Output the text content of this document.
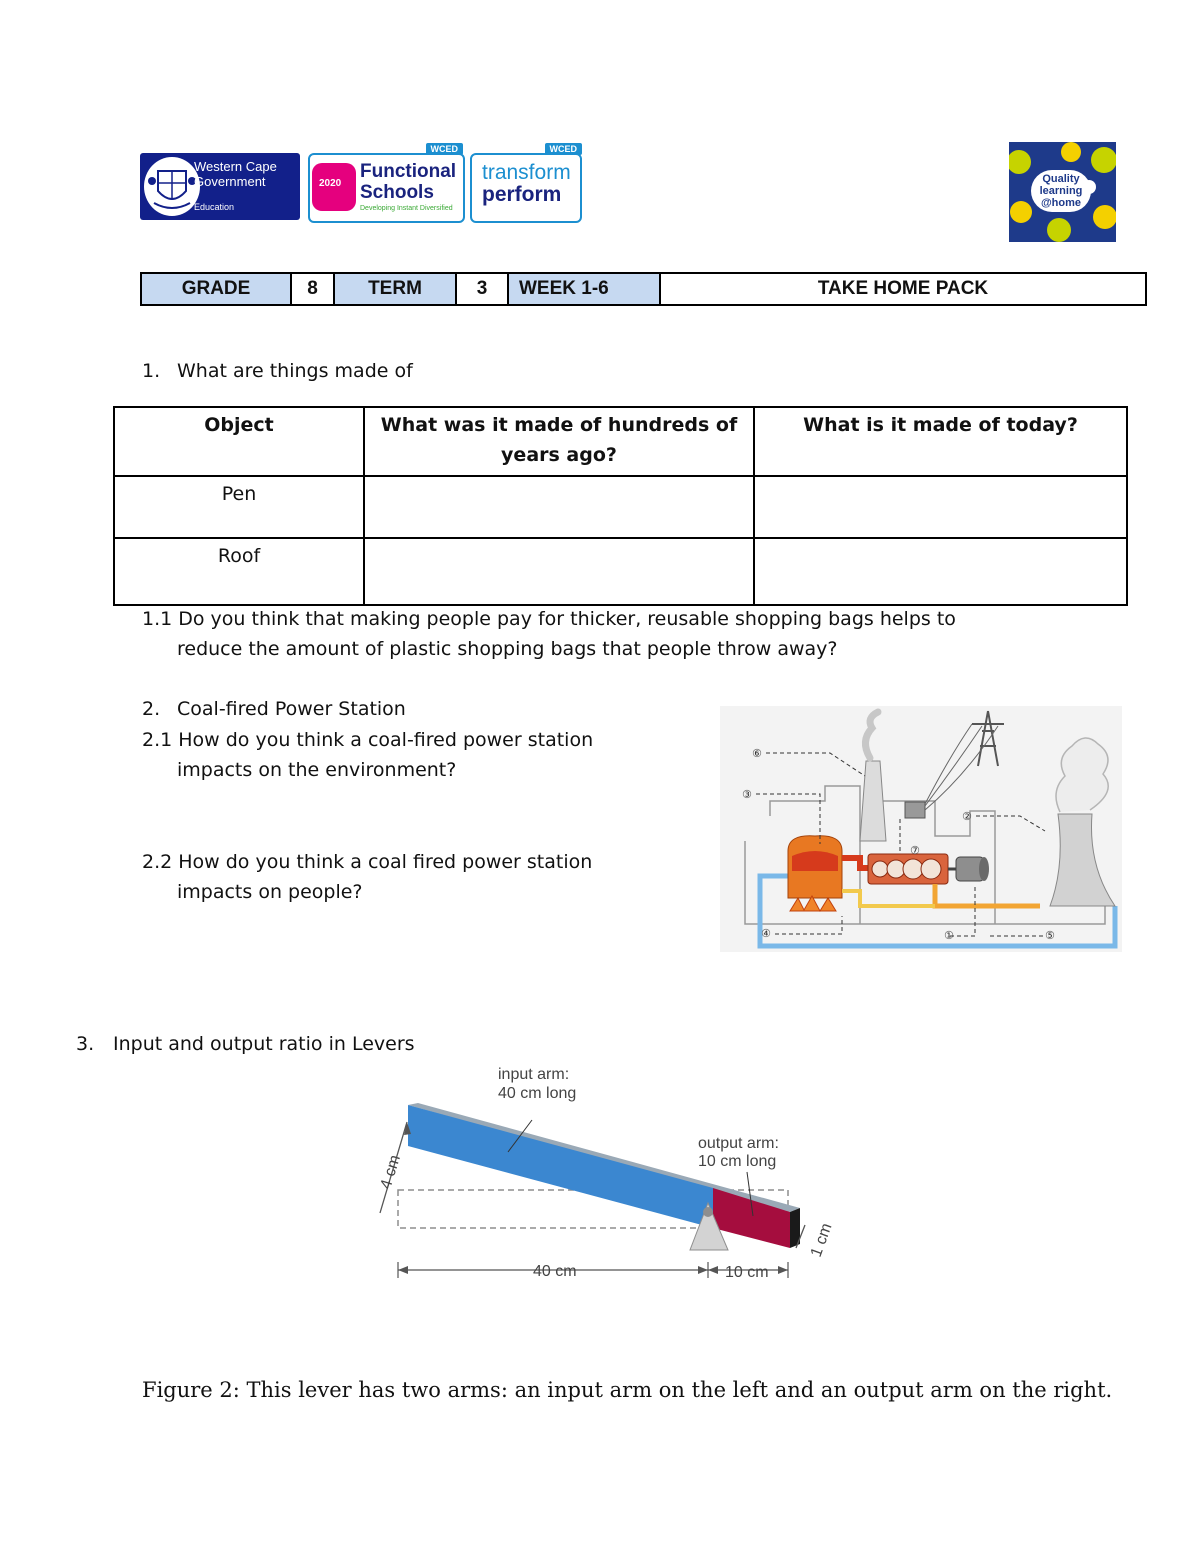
Western Cape
Government
Education
WCED
2020
Functional
Schools
Developing Instant Diversified
WCED
transform
perform
Quality learning @home
GRADE	8	TERM	3	WEEK 1-6	TAKE HOME PACK
1. What are things made of
Object	What was it made of hundreds of years ago?	What is it made of today?
Pen		
Roof		
1.1 Do you think that making people pay for thicker, reusable shopping bags helps to
reduce the amount of plastic shopping bags that people throw away?
2. Coal-fired Power Station
2.1 How do you think a coal-fired power station
impacts on the environment?
2.2 How do you think a coal fired power station
impacts on people?
⑥
③
②
⑦
④	①	⑤
3. Input and output ratio in Levers
input arm:
40 cm long
output arm:
10 cm long
40 cm	10 cm
4 cm
1 cm
Figure 2: This lever has two arms: an input arm on the left and an output arm on the right.
